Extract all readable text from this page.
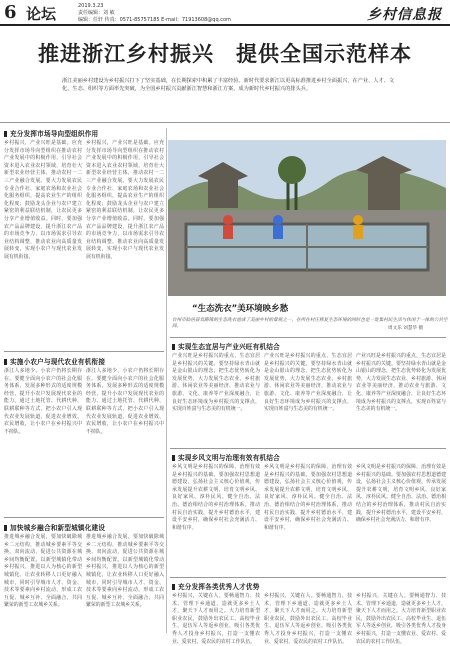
6 论坛	2019.3.23
责任编辑：刘 敏
编辑：任轩 传真：0571-85757185 E-mail：71913608@qq.com	乡村信息报
推进浙江乡村振兴　提供全国示范样本

浙江美丽乡村建设为乡村振兴打下了坚实基础，在长期探索中积累了丰富经验。新时代要求浙江以更高标准推进乡村全面振兴，在产业、人才、文化、生态、组织等方面率先突破，为全国乡村振兴贡献浙江智慧和浙江方案，成为新时代乡村振兴的排头兵。

充分发挥市场导向型组织作用

乡村振兴，产业兴旺是基础。应充分发挥市场导向型组织在推动农村产业发展中的积极作用，引导社会资本进入农业农村领域，培育壮大新型农业经营主体，推动农村一二三产业融合发展。要大力发展农民专业合作社、家庭农场和农业社会化服务组织，提高农业生产的组织化程度；鼓励龙头企业与农户建立紧密的利益联结机制，让农民更多分享产业增值收益。同时，要加强农产品品牌建设，提升浙江农产品的市场竞争力，以市场需求引导农业结构调整，推动农业向高质量发展转变，实现小农户与现代农业发展有机衔接。

乡村振兴，产业兴旺是基础。应充分发挥市场导向型组织在推动农村产业发展中的积极作用，引导社会资本进入农业农村领域，培育壮大新型农业经营主体，推动农村一二三产业融合发展。要大力发展农民专业合作社、家庭农场和农业社会化服务组织，提高农业生产的组织化程度；鼓励龙头企业与农户建立紧密的利益联结机制，让农民更多分享产业增值收益。同时，要加强农产品品牌建设，提升浙江农产品的市场竞争力，以市场需求引导农业结构调整，推动农业向高质量发展转变，实现小农户与现代农业发展有机衔接。

“生态洗衣”美环境映乡愁

台州市仙居县官路镇的生态洗衣池成了美丽乡村的景观之一，在所在村庄修复生态环境的同时也是一处集村民生活与休闲于一体的公共空间。	周文乐 刘慧华 摄
实施小农户与现代农业有机衔接

浙江人多地少，小农户仍将长期存在。要健全面向小农户的社会化服务体系，发展多种形式的适度规模经营，提升小农户发展现代农业的能力。通过土地托管、代耕代种、联耕联种等方式，把小农户引入现代农业发展轨道，促进农业增效、农民增收，让小农户在乡村振兴中不掉队。

浙江人多地少，小农户仍将长期存在。要健全面向小农户的社会化服务体系，发展多种形式的适度规模经营，提升小农户发展现代农业的能力。通过土地托管、代耕代种、联耕联种等方式，把小农户引入现代农业发展轨道，促进农业增效、农民增收，让小农户在乡村振兴中不掉队。

加快城乡融合和新型城镇化建设

推进城乡融合发展，要加快破除城乡二元结构，推动城乡要素平等交换、双向流动，促进公共资源在城乡间均衡配置。以新型城镇化带动乡村振兴，推进以人为核心的新型城镇化，让农业转移人口更好融入城市，同时引导城市人才、资金、技术等要素向乡村流动，形成工农互促、城乡互补、全面融合、共同繁荣的新型工农城乡关系。

推进城乡融合发展，要加快破除城乡二元结构，推动城乡要素平等交换、双向流动，促进公共资源在城乡间均衡配置。以新型城镇化带动乡村振兴，推进以人为核心的新型城镇化，让农业转移人口更好融入城市，同时引导城市人才、资金、技术等要素向乡村流动，形成工农互促、城乡互补、全面融合、共同繁荣的新型工农城乡关系。

实现生态宜居与产业兴旺有机结合

产业兴旺是乡村振兴的重点，生态宜居是乡村振兴的关键。要坚持绿水青山就是金山银山的理念，把生态优势转化为发展优势，大力发展生态农业、乡村旅游、休闲农业等美丽经济，推动农业与旅游、文化、康养等产业深度融合，让良好生态环境成为乡村振兴的支撑点，实现百姓富与生态美的有机统一。

产业兴旺是乡村振兴的重点，生态宜居是乡村振兴的关键。要坚持绿水青山就是金山银山的理念，把生态优势转化为发展优势，大力发展生态农业、乡村旅游、休闲农业等美丽经济，推动农业与旅游、文化、康养等产业深度融合，让良好生态环境成为乡村振兴的支撑点，实现百姓富与生态美的有机统一。

产业兴旺是乡村振兴的重点，生态宜居是乡村振兴的关键。要坚持绿水青山就是金山银山的理念，把生态优势转化为发展优势，大力发展生态农业、乡村旅游、休闲农业等美丽经济，推动农业与旅游、文化、康养等产业深度融合，让良好生态环境成为乡村振兴的支撑点，实现百姓富与生态美的有机统一。

实现乡风文明与治理有效有机结合

乡风文明是乡村振兴的保障，治理有效是乡村振兴的基础。要加强农村思想道德建设，弘扬社会主义核心价值观，传承发展提升农耕文明，培育文明乡风、良好家风、淳朴民风。健全自治、法治、德治相结合的乡村治理体系，推动村民自治实践，提升乡村德治水平，建设平安乡村，确保乡村社会充满活力、和谐有序。

乡风文明是乡村振兴的保障，治理有效是乡村振兴的基础。要加强农村思想道德建设，弘扬社会主义核心价值观，传承发展提升农耕文明，培育文明乡风、良好家风、淳朴民风。健全自治、法治、德治相结合的乡村治理体系，推动村民自治实践，提升乡村德治水平，建设平安乡村，确保乡村社会充满活力、和谐有序。

乡风文明是乡村振兴的保障，治理有效是乡村振兴的基础。要加强农村思想道德建设，弘扬社会主义核心价值观，传承发展提升农耕文明，培育文明乡风、良好家风、淳朴民风。健全自治、法治、德治相结合的乡村治理体系，推动村民自治实践，提升乡村德治水平，建设平安乡村，确保乡村社会充满活力、和谐有序。

充分发挥各类优秀人才优势

乡村振兴，关键在人。要畅通智力、技术、管理下乡通道，造就更多乡土人才，聚天下人才而用之。大力培育新型职业农民，鼓励外出农民工、高校毕业生、退伍军人等返乡创业，吸引各类优秀人才投身乡村振兴，打造一支懂农业、爱农村、爱农民的农村工作队伍。

乡村振兴，关键在人。要畅通智力、技术、管理下乡通道，造就更多乡土人才，聚天下人才而用之。大力培育新型职业农民，鼓励外出农民工、高校毕业生、退伍军人等返乡创业，吸引各类优秀人才投身乡村振兴，打造一支懂农业、爱农村、爱农民的农村工作队伍。

乡村振兴，关键在人。要畅通智力、技术、管理下乡通道，造就更多乡土人才，聚天下人才而用之。大力培育新型职业农民，鼓励外出农民工、高校毕业生、退伍军人等返乡创业，吸引各类优秀人才投身乡村振兴，打造一支懂农业、爱农村、爱农民的农村工作队伍。
